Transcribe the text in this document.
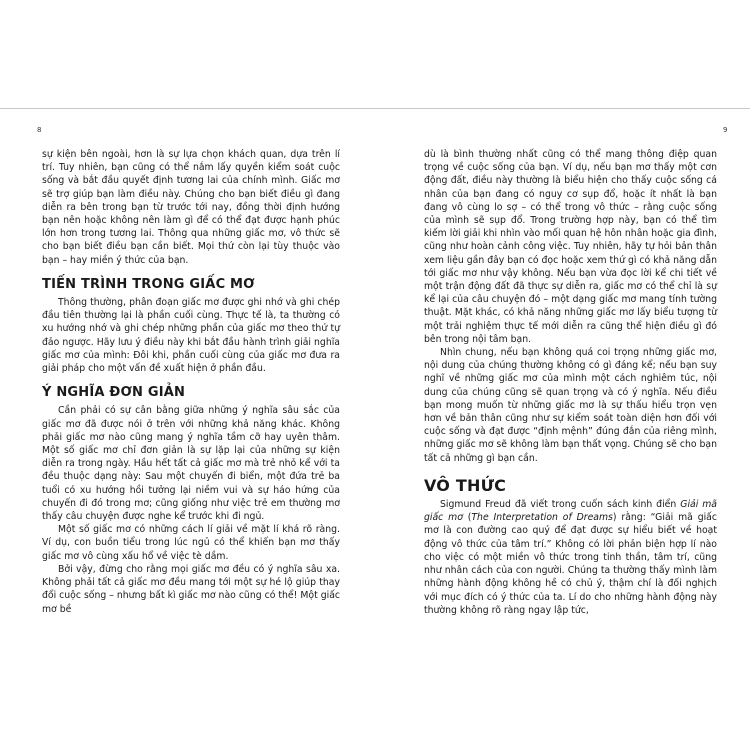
8	9

sự kiện bên ngoài, hơn là sự lựa chọn khách quan, dựa trên lí trí. Tuy nhiên, bạn cũng có thể nắm lấy quyền kiểm soát cuộc sống và bắt đầu quyết định tương lai của chính mình. Giấc mơ sẽ trợ giúp bạn làm điều này. Chúng cho bạn biết điều gì đang diễn ra bên trong bạn từ trước tới nay, đồng thời định hướng bạn nên hoặc không nên làm gì để có thể đạt được hạnh phúc lớn hơn trong tương lai. Thông qua những giấc mơ, vô thức sẽ cho bạn biết điều bạn cần biết. Mọi thứ còn lại tùy thuộc vào bạn – hay miền ý thức của bạn.

TIẾN TRÌNH TRONG GIẤC MƠ

Thông thường, phân đoạn giấc mơ được ghi nhớ và ghi chép đầu tiên thường lại là phần cuối cùng. Thực tế là, ta thường có xu hướng nhớ và ghi chép những phần của giấc mơ theo thứ tự đảo ngược. Hãy lưu ý điều này khi bắt đầu hành trình giải nghĩa giấc mơ của mình: Đôi khi, phần cuối cùng của giấc mơ đưa ra giải pháp cho một vấn đề xuất hiện ở phần đầu.

Ý NGHĨA ĐƠN GIẢN

Cần phải có sự cân bằng giữa những ý nghĩa sâu sắc của giấc mơ đã được nói ở trên với những khả năng khác. Không phải giấc mơ nào cũng mang ý nghĩa tầm cỡ hay uyên thâm. Một số giấc mơ chỉ đơn giản là sự lặp lại của những sự kiện diễn ra trong ngày. Hầu hết tất cả giấc mơ mà trẻ nhỏ kể với ta đều thuộc dạng này: Sau một chuyến đi biển, một đứa trẻ ba tuổi có xu hướng hồi tưởng lại niềm vui và sự háo hứng của chuyến đi đó trong mơ; cũng giống như việc trẻ em thường mơ thấy câu chuyện được nghe kể trước khi đi ngủ.

Một số giấc mơ có những cách lí giải về mặt lí khá rõ ràng. Ví dụ, con buồn tiểu trong lúc ngủ có thể khiến bạn mơ thấy giấc mơ vô cùng xấu hổ về việc tè dầm.

Bởi vậy, đừng cho rằng mọi giấc mơ đều có ý nghĩa sâu xa. Không phải tất cả giấc mơ đều mang tới một sự hé lộ giúp thay đổi cuộc sống – nhưng bất kì giấc mơ nào cũng có thể! Một giấc mơ bề

dù là bình thường nhất cũng có thể mang thông điệp quan trọng về cuộc sống của bạn. Ví dụ, nếu bạn mơ thấy một cơn động đất, điều này thường là biểu hiện cho thấy cuộc sống cá nhân của bạn đang có nguy cơ sụp đổ, hoặc ít nhất là bạn đang vô cùng lo sợ – có thể trong vô thức – rằng cuộc sống của mình sẽ sụp đổ. Trong trường hợp này, bạn có thể tìm kiếm lời giải khi nhìn vào mối quan hệ hôn nhân hoặc gia đình, cũng như hoàn cảnh công việc. Tuy nhiên, hãy tự hỏi bản thân xem liệu gần đây bạn có đọc hoặc xem thứ gì có khả năng dẫn tới giấc mơ như vậy không. Nếu bạn vừa đọc lời kể chi tiết về một trận động đất đã thực sự diễn ra, giấc mơ có thể chỉ là sự kể lại của câu chuyện đó – một dạng giấc mơ mang tính tường thuật. Mặt khác, có khả năng những giấc mơ lấy biểu tượng từ một trải nghiệm thực tế mới diễn ra cũng thể hiện điều gì đó bên trong nội tâm bạn.

Nhìn chung, nếu bạn không quá coi trọng những giấc mơ, nội dung của chúng thường không có gì đáng kể; nếu bạn suy nghĩ về những giấc mơ của mình một cách nghiêm túc, nội dung của chúng cũng sẽ quan trọng và có ý nghĩa. Nếu điều bạn mong muốn từ những giấc mơ là sự thấu hiểu trọn vẹn hơn về bản thân cũng như sự kiểm soát toàn diện hơn đối với cuộc sống và đạt được “định mệnh” đúng đắn của riêng mình, những giấc mơ sẽ không làm bạn thất vọng. Chúng sẽ cho bạn tất cả những gì bạn cần.

VÔ THỨC

Sigmund Freud đã viết trong cuốn sách kinh điển Giải mã giấc mơ (The Interpretation of Dreams) rằng: “Giải mã giấc mơ là con đường cao quý để đạt được sự hiểu biết về hoạt động vô thức của tâm trí.” Không có lời phản biện hợp lí nào cho việc có một miền vô thức trong tinh thần, tâm trí, cũng như nhân cách của con người. Chúng ta thường thấy mình làm những hành động không hề có chủ ý, thậm chí là đối nghịch với mục đích có ý thức của ta. Lí do cho những hành động này thường không rõ ràng ngay lập tức,
